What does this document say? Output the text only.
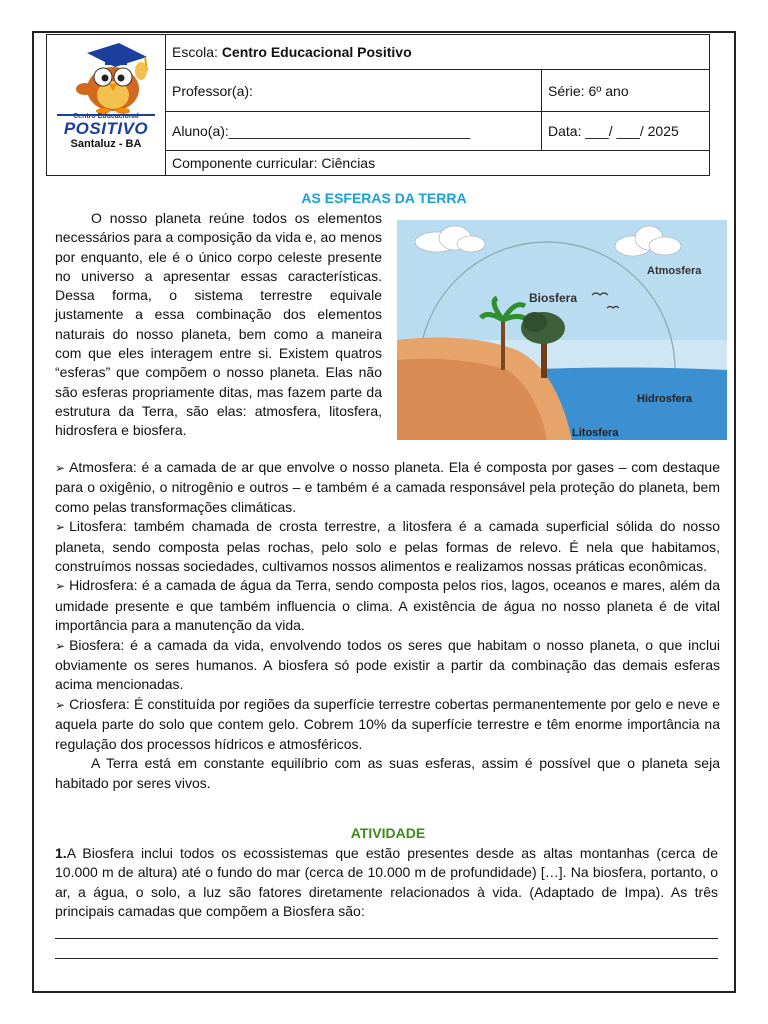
Centro Educacional
POSITIVO
Santaluz - BA	Escola: Centro Educacional Positivo	
	Professor(a):	Série: 6º ano
	Aluno(a):_______________________________	Data: ___/ ___/ 2025
	Componente curricular: Ciências	
AS ESFERAS DA TERRA

O nosso planeta reúne todos os elementos necessários para a composição da vida e, ao menos por enquanto, ele é o único corpo celeste presente no universo a apresentar essas características. Dessa forma, o sistema terrestre equivale justamente a essa combinação dos elementos naturais do nosso planeta, bem como a maneira com que eles interagem entre si. Existem quatros “esferas” que compõem o nosso planeta. Elas não são esferas propriamente ditas, mas fazem parte da estrutura da Terra, são elas: atmosfera, litosfera, hidrosfera e biosfera.

Atmosfera
Biosfera
Hidrosfera
Litosfera

➢ Atmosfera: é a camada de ar que envolve o nosso planeta. Ela é composta por gases – com destaque para o oxigênio, o nitrogênio e outros – e também é a camada responsável pela proteção do planeta, bem como pelas transformações climáticas.

➢ Litosfera: também chamada de crosta terrestre, a litosfera é a camada superficial sólida do nosso planeta, sendo composta pelas rochas, pelo solo e pelas formas de relevo. É nela que habitamos, construímos nossas sociedades, cultivamos nossos alimentos e realizamos nossas práticas econômicas.

➢ Hidrosfera: é a camada de água da Terra, sendo composta pelos rios, lagos, oceanos e mares, além da umidade presente e que também influencia o clima. A existência de água no nosso planeta é de vital importância para a manutenção da vida.

➢ Biosfera: é a camada da vida, envolvendo todos os seres que habitam o nosso planeta, o que inclui obviamente os seres humanos. A biosfera só pode existir a partir da combinação das demais esferas acima mencionadas.

➢ Criosfera: É constituída por regiões da superfície terrestre cobertas permanentemente por gelo e neve e aquela parte do solo que contem gelo. Cobrem 10% da superfície terrestre e têm enorme importância na regulação dos processos hídricos e atmosféricos.

A Terra está em constante equilíbrio com as suas esferas, assim é possível que o planeta seja habitado por seres vivos.

ATIVIDADE
1.A Biosfera inclui todos os ecossistemas que estão presentes desde as altas montanhas (cerca de 10.000 m de altura) até o fundo do mar (cerca de 10.000 m de profundidade) […]. Na biosfera, portanto, o ar, a água, o solo, a luz são fatores diretamente relacionados à vida. (Adaptado de Impa). As três principais camadas que compõem a Biosfera são:
